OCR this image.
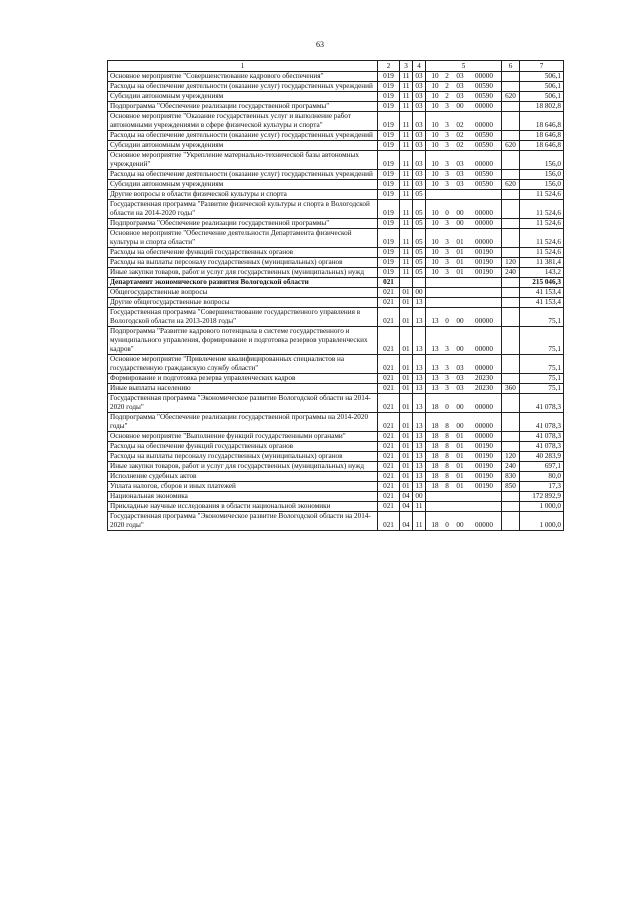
63
1	2	3	4	5	6	7
Основное мероприятие "Совершенствование кадрового обеспечения"	019	11	03	10 2 03 00000		506,1
Расходы на обеспечение деятельности (оказание услуг) государственных учреждений	019	11	03	10 2 03 00590		506,1
Субсидии автономным учреждениям	019	11	03	10 2 03 00590	620	506,1
Подпрограмма "Обеспечение реализации государственной программы"	019	11	03	10 3 00 00000		18 802,8
Основное мероприятие "Оказание государственных услуг и выполнение работ автономными учреждениями в сфере физической культуры и спорта"	019	11	03	10 3 02 00000		18 646,8
Расходы на обеспечение деятельности (оказание услуг) государственных учреждений	019	11	03	10 3 02 00590		18 646,8
Субсидии автономным учреждениям	019	11	03	10 3 02 00590	620	18 646,8
Основное мероприятие "Укрепление материально-технической базы автономных учреждений"	019	11	03	10 3 03 00000		156,0
Расходы на обеспечение деятельности (оказание услуг) государственных учреждений	019	11	03	10 3 03 00590		156,0
Субсидии автономным учреждениям	019	11	03	10 3 03 00590	620	156,0
Другие вопросы в области физической культуры и спорта	019	11	05			11 524,6
Государственная программа "Развитие физической культуры и спорта в Вологодской области на 2014-2020 годы"	019	11	05	10 0 00 00000		11 524,6
Подпрограмма "Обеспечение реализации государственной программы"	019	11	05	10 3 00 00000		11 524,6
Основное мероприятие "Обеспечение деятельности Департамента физической культуры и спорта области"	019	11	05	10 3 01 00000		11 524,6
Расходы на обеспечение функций государственных органов	019	11	05	10 3 01 00190		11 524,6
Расходы на выплаты персоналу государственных (муниципальных) органов	019	11	05	10 3 01 00190	120	11 381,4
Иные закупки товаров, работ и услуг для государственных (муниципальных) нужд	019	11	05	10 3 01 00190	240	143,2
Департамент экономического развития Вологодской области	021					215 046,3
Общегосударственные вопросы	021	01	00			41 153,4
Другие общегосударственные вопросы	021	01	13			41 153,4
Государственная программа "Совершенствование государственного управления в Вологодской области на 2013-2018 годы"	021	01	13	13 0 00 00000		75,1
Подпрограмма "Развитие кадрового потенциала в системе государственного и муниципального управления, формирование и подготовка резервов управленческих кадров"	021	01	13	13 3 00 00000		75,1
Основное мероприятие "Привлечение квалифицированных специалистов на государственную гражданскую службу области"	021	01	13	13 3 03 00000		75,1
Формирование и подготовка резерва управленческих кадров	021	01	13	13 3 03 20230		75,1
Иные выплаты населению	021	01	13	13 3 03 20230	360	75,1
Государственная программа "Экономическое развитие Вологодской области на 2014-2020 годы"	021	01	13	18 0 00 00000		41 078,3
Подпрограмма "Обеспечение реализации государственной программы на 2014-2020 годы"	021	01	13	18 8 00 00000		41 078,3
Основное мероприятие "Выполнение функций государственными органами"	021	01	13	18 8 01 00000		41 078,3
Расходы на обеспечение функций государственных органов	021	01	13	18 8 01 00190		41 078,3
Расходы на выплаты персоналу государственных (муниципальных) органов	021	01	13	18 8 01 00190	120	40 283,9
Иные закупки товаров, работ и услуг для государственных (муниципальных) нужд	021	01	13	18 8 01 00190	240	697,1
Исполнение судебных актов	021	01	13	18 8 01 00190	830	80,0
Уплата налогов, сборов и иных платежей	021	01	13	18 8 01 00190	850	17,3
Национальная экономика	021	04	00			172 892,9
Прикладные научные исследования в области национальной экономики	021	04	11			1 000,0
Государственная программа "Экономическое развитие Вологодской области на 2014-2020 годы"	021	04	11	18 0 00 00000		1 000,0
